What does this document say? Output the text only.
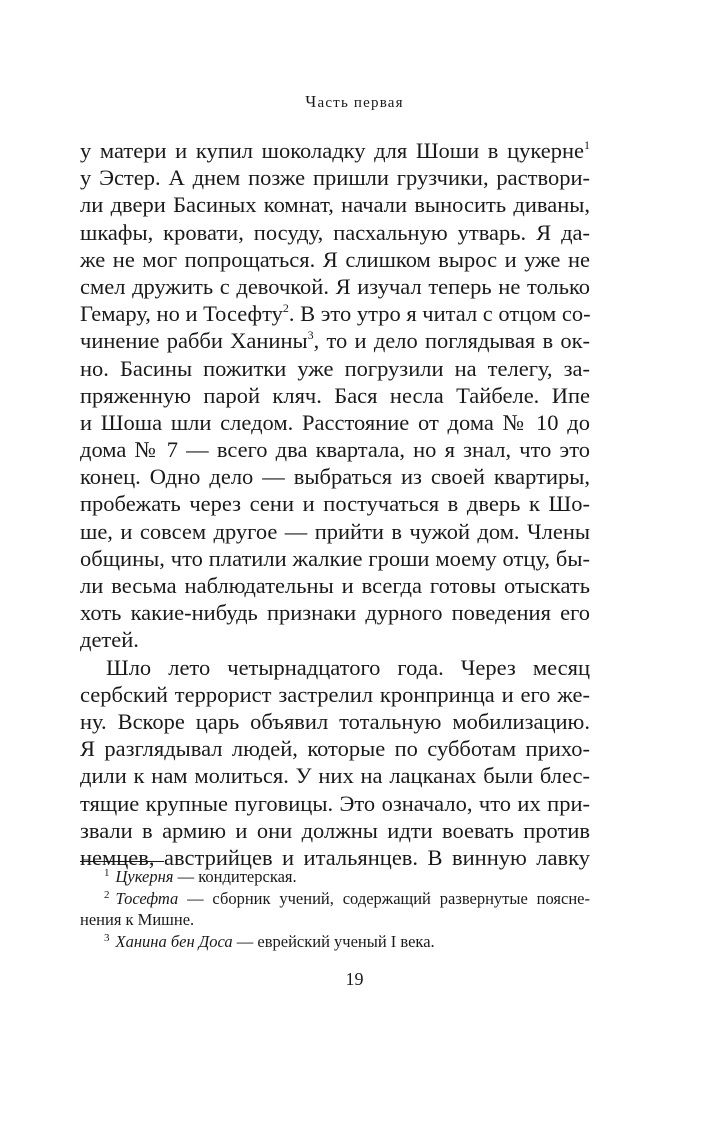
Часть первая
у матери и купил шоколадку для Шоши в цукерне$^1$
у Эстер. А днем позже пришли грузчики, раствори-
ли двери Басиных комнат, начали выносить диваны,
шкафы, кровати, посуду, пасхальную утварь. Я да-
же не мог попрощаться. Я слишком вырос и уже не
смел дружить с девочкой. Я изучал теперь не только
Гемару, но и Тосефту$^2$. В это утро я читал с отцом со-
чинение рабби Ханины$^3$, то и дело поглядывая в ок-
но. Басины пожитки уже погрузили на телегу, за-
пряженную парой кляч. Бася несла Тайбеле. Ипе
и Шоша шли следом. Расстояние от дома № 10 до
дома № 7 — всего два квартала, но я знал, что это
конец. Одно дело — выбраться из своей квартиры,
пробежать через сени и постучаться в дверь к Шо-
ше, и совсем другое — прийти в чужой дом. Члены
общины, что платили жалкие гроши моему отцу, бы-
ли весьма наблюдательны и всегда готовы отыскать
хоть какие-нибудь признаки дурного поведения его
детей.
Шло лето четырнадцатого года. Через месяц
сербский террорист застрелил кронпринца и его же-
ну. Вскоре царь объявил тотальную мобилизацию.
Я разглядывал людей, которые по субботам прихо-
дили к нам молиться. У них на лацканах были блес-
тящие крупные пуговицы. Это означало, что их при-
звали в армию и они должны идти воевать против
немцев, австрийцев и итальянцев. В винную лавку
$^1$ Цукерня — кондитерская.
$^2$ Тосефта — сборник учений, содержащий развернутые поясне-
нения к Мишне.
$^3$ Ханина бен Доса — еврейский ученый I века.
19
